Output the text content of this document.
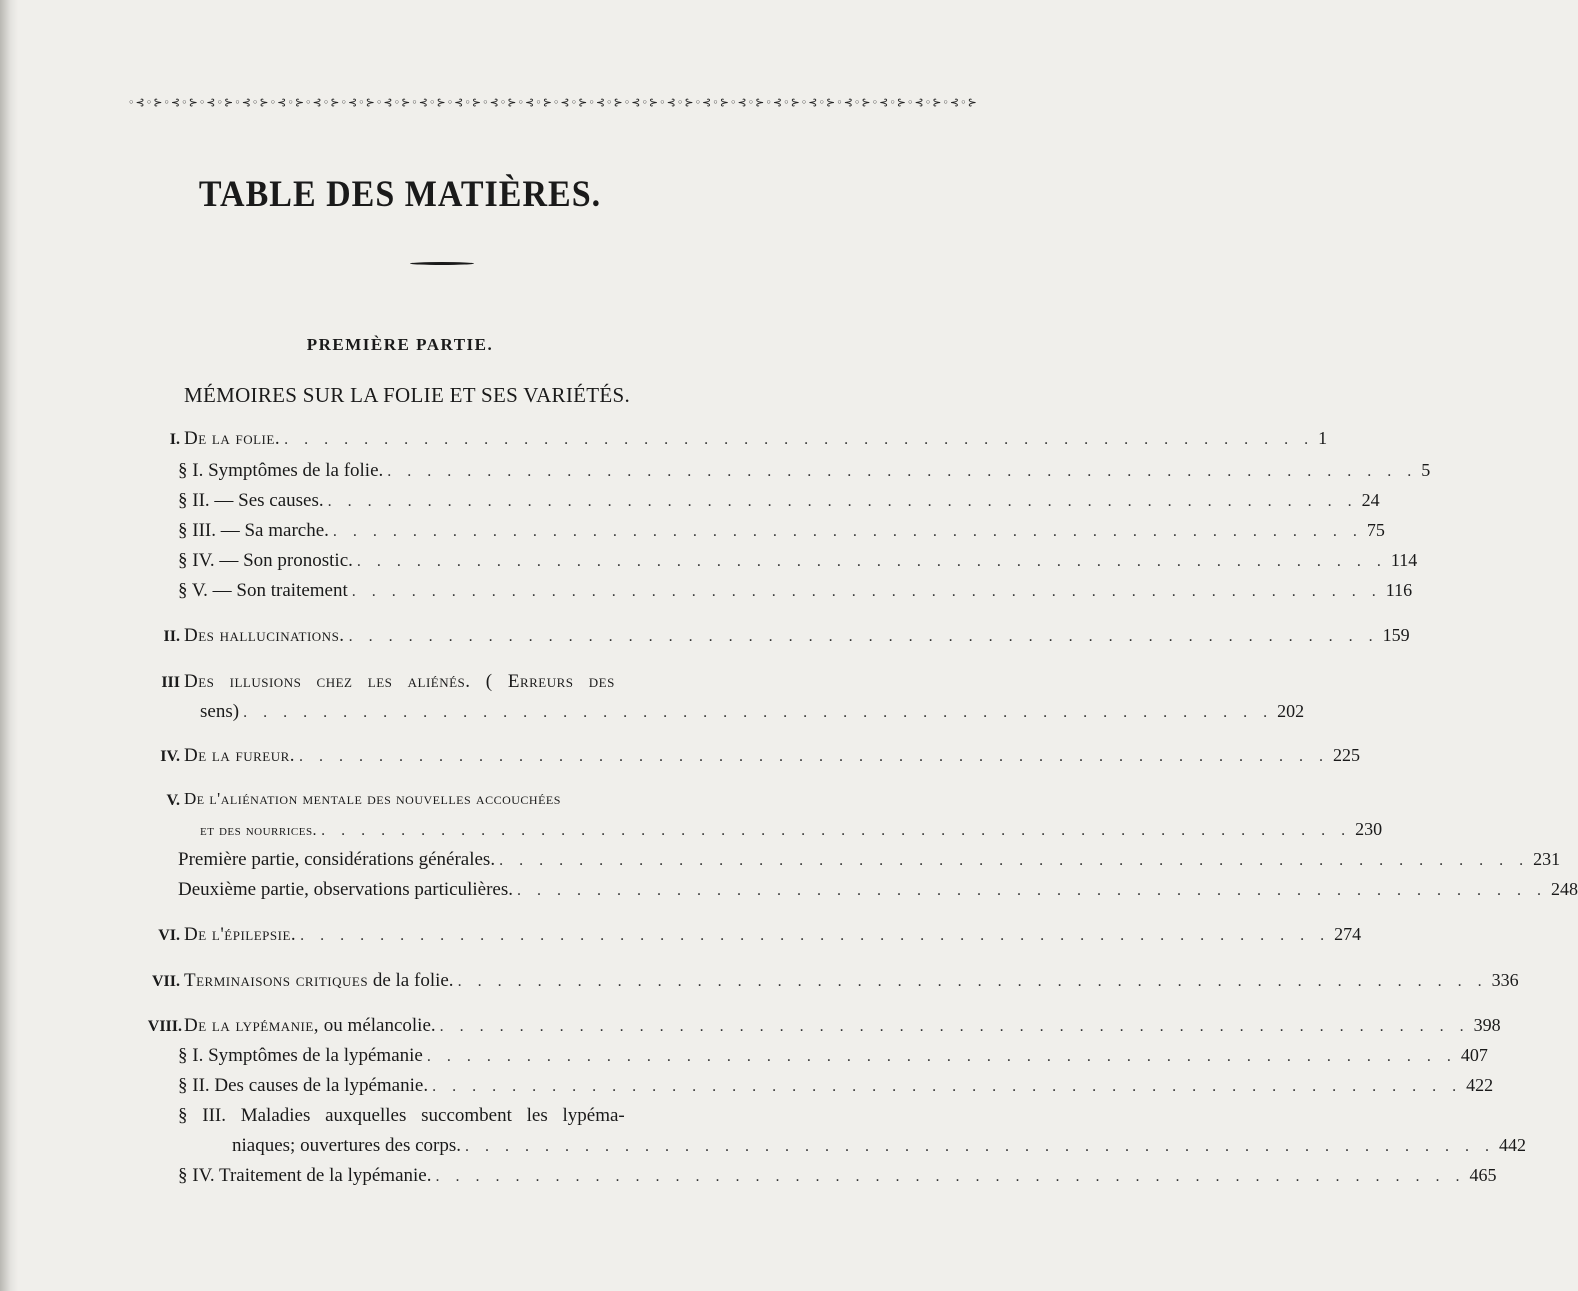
◦⊰◦⊱◦⊰◦⊱◦⊰◦⊱◦⊰◦⊱◦⊰◦⊱◦⊰◦⊱◦⊰◦⊱◦⊰◦⊱◦⊰◦⊱◦⊰◦⊱◦⊰◦⊱◦⊰◦⊱◦⊰◦⊱◦⊰◦⊱◦⊰◦⊱◦⊰◦⊱◦⊰◦⊱◦⊰◦⊱◦⊰◦⊱◦⊰◦⊱◦⊰◦⊱◦⊰◦⊱◦⊰◦⊱◦⊰◦⊱
TABLE DES MATIÈRES.
PREMIÈRE PARTIE.
MÉMOIRES SUR LA FOLIE ET SES VARIÉTÉS.
I. De la folie. . . . . . . . . . . . . . . . . . . . . . . . . . . . . . . . . . . . . . . . . . . . . . . . . . . . . 1
§ I. Symptômes de la folie. . . . . . . . . . . . . . . . . . . . . . . . . . . . . . . . . . . . . . . . . . . . . . . . . . . . . 5
§ II. — Ses causes. . . . . . . . . . . . . . . . . . . . . . . . . . . . . . . . . . . . . . . . . . . . . . . . . . . . . 24
§ III. — Sa marche. . . . . . . . . . . . . . . . . . . . . . . . . . . . . . . . . . . . . . . . . . . . . . . . . . . . . 75
§ IV. — Son pronostic. . . . . . . . . . . . . . . . . . . . . . . . . . . . . . . . . . . . . . . . . . . . . . . . . . . . . 114
§ V. — Son traitement . . . . . . . . . . . . . . . . . . . . . . . . . . . . . . . . . . . . . . . . . . . . . . . . . . . . 116
II. Des hallucinations. . . . . . . . . . . . . . . . . . . . . . . . . . . . . . . . . . . . . . . . . . . . . . . . . . . . . 159
III Des illusions chez les aliénés. ( Erreurs des
sens) . . . . . . . . . . . . . . . . . . . . . . . . . . . . . . . . . . . . . . . . . . . . . . . . . . . . 202
IV. De la fureur. . . . . . . . . . . . . . . . . . . . . . . . . . . . . . . . . . . . . . . . . . . . . . . . . . . . . 225
V. De l'aliénation mentale des nouvelles accouchées
et des nourrices. . . . . . . . . . . . . . . . . . . . . . . . . . . . . . . . . . . . . . . . . . . . . . . . . . . . . 230
Première partie, considérations générales. . . . . . . . . . . . . . . . . . . . . . . . . . . . . . . . . . . . . . . . . . . . . . . . . . . . . 231
Deuxième partie, observations particulières. . . . . . . . . . . . . . . . . . . . . . . . . . . . . . . . . . . . . . . . . . . . . . . . . . . . . 248
VI. De l'épilepsie. . . . . . . . . . . . . . . . . . . . . . . . . . . . . . . . . . . . . . . . . . . . . . . . . . . . . 274
VII. Terminaisons critiques de la folie. . . . . . . . . . . . . . . . . . . . . . . . . . . . . . . . . . . . . . . . . . . . . . . . . . . . . 336
VIII. De la lypémanie, ou mélancolie. . . . . . . . . . . . . . . . . . . . . . . . . . . . . . . . . . . . . . . . . . . . . . . . . . . . . 398
§ I. Symptômes de la lypémanie . . . . . . . . . . . . . . . . . . . . . . . . . . . . . . . . . . . . . . . . . . . . . . . . . . . . 407
§ II. Des causes de la lypémanie. . . . . . . . . . . . . . . . . . . . . . . . . . . . . . . . . . . . . . . . . . . . . . . . . . . . . 422
§ III. Maladies auxquelles succombent les lypéma-
niaques; ouvertures des corps. . . . . . . . . . . . . . . . . . . . . . . . . . . . . . . . . . . . . . . . . . . . . . . . . . . . . 442
§ IV. Traitement de la lypémanie. . . . . . . . . . . . . . . . . . . . . . . . . . . . . . . . . . . . . . . . . . . . . . . . . . . . . 465
